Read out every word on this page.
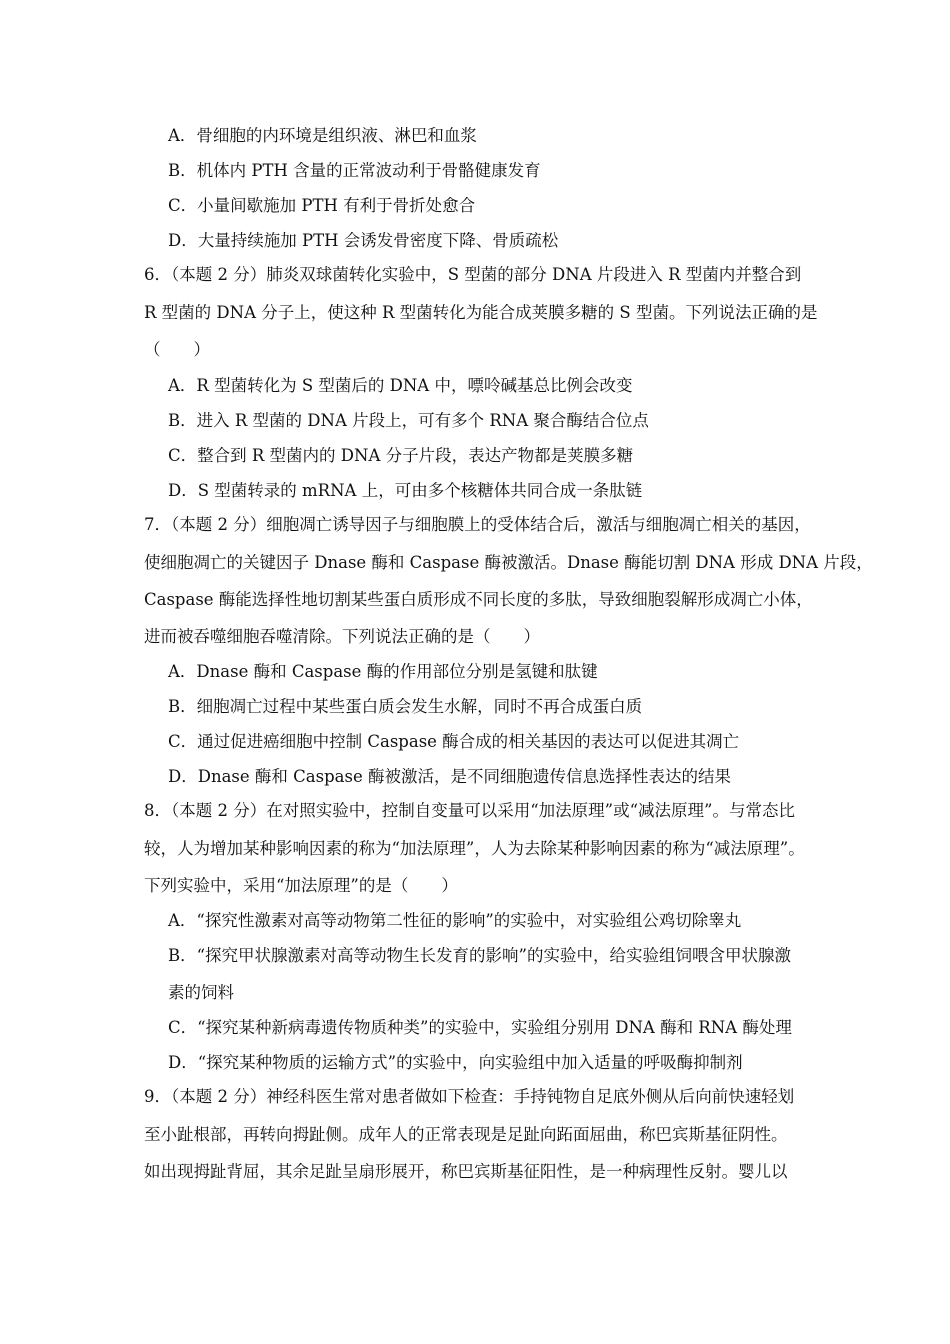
A．骨细胞的内环境是组织液、淋巴和血浆
B．机体内 PTH 含量的正常波动利于骨骼健康发育
C．小量间歇施加 PTH 有利于骨折处愈合
D．大量持续施加 PTH 会诱发骨密度下降、骨质疏松
6．（本题 2 分）肺炎双球菌转化实验中，S 型菌的部分 DNA 片段进入 R 型菌内并整合到
R 型菌的 DNA 分子上，使这种 R 型菌转化为能合成荚膜多糖的 S 型菌。下列说法正确的是
（　　）
A．R 型菌转化为 S 型菌后的 DNA 中，嘌呤碱基总比例会改变
B．进入 R 型菌的 DNA 片段上，可有多个 RNA 聚合酶结合位点
C．整合到 R 型菌内的 DNA 分子片段，表达产物都是荚膜多糖
D．S 型菌转录的 mRNA 上，可由多个核糖体共同合成一条肽链
7．（本题 2 分）细胞凋亡诱导因子与细胞膜上的受体结合后，激活与细胞凋亡相关的基因，
使细胞凋亡的关键因子 Dnase 酶和 Caspase 酶被激活。Dnase 酶能切割 DNA 形成 DNA 片段，
Caspase 酶能选择性地切割某些蛋白质形成不同长度的多肽，导致细胞裂解形成凋亡小体，
进而被吞噬细胞吞噬清除。下列说法正确的是（　　）
A．Dnase 酶和 Caspase 酶的作用部位分别是氢键和肽键
B．细胞凋亡过程中某些蛋白质会发生水解，同时不再合成蛋白质
C．通过促进癌细胞中控制 Caspase 酶合成的相关基因的表达可以促进其凋亡
D．Dnase 酶和 Caspase 酶被激活，是不同细胞遗传信息选择性表达的结果
8．（本题 2 分）在对照实验中，控制自变量可以采用“加法原理”或“减法原理”。与常态比
较，人为增加某种影响因素的称为“加法原理”，人为去除某种影响因素的称为“减法原理”。
下列实验中，采用“加法原理”的是（　　）
A．“探究性激素对高等动物第二性征的影响”的实验中，对实验组公鸡切除睾丸
B．“探究甲状腺激素对高等动物生长发育的影响”的实验中，给实验组饲喂含甲状腺激
素的饲料
C．“探究某种新病毒遗传物质种类”的实验中，实验组分别用 DNA 酶和 RNA 酶处理
D．“探究某种物质的运输方式”的实验中，向实验组中加入适量的呼吸酶抑制剂
9．（本题 2 分）神经科医生常对患者做如下检查：手持钝物自足底外侧从后向前快速轻划
至小趾根部，再转向拇趾侧。成年人的正常表现是足趾向跖面屈曲，称巴宾斯基征阴性。
如出现拇趾背屈，其余足趾呈扇形展开，称巴宾斯基征阳性，是一种病理性反射。婴儿以
